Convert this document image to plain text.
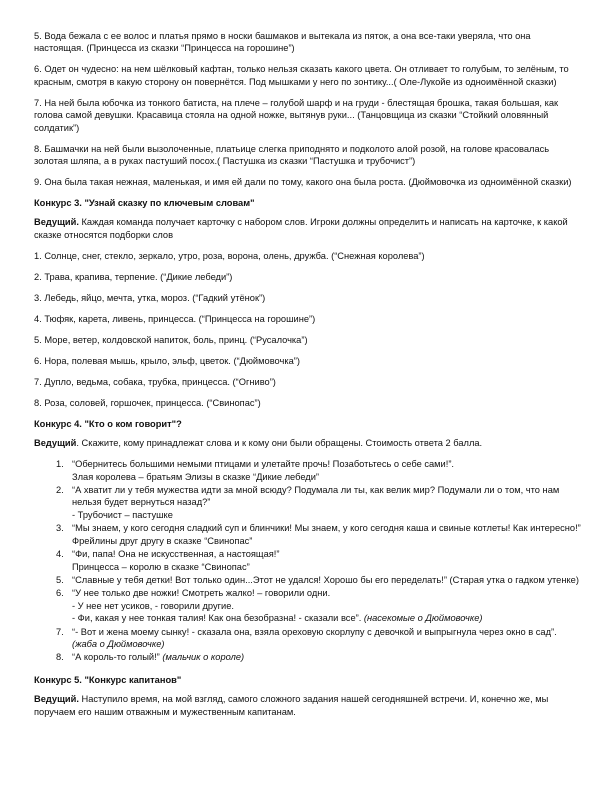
5. Вода бежала с ее волос и платья прямо в носки башмаков и вытекала из пяток, а она все-таки уверяла, что она настоящая. (Принцесса из сказки “Принцесса на горошине”)

6. Одет он чудесно: на нем шёлковый кафтан, только нельзя сказать какого цвета. Он отливает то голубым, то зелёным, то красным, смотря в какую сторону он повернётся. Под мышками у него по зонтику...( Оле-Лукойе из одноимённой сказки)

7. На ней была юбочка из тонкого батиста, на плече – голубой шарф и на груди - блестящая брошка, такая большая, как голова самой девушки. Красавица стояла на одной ножке, вытянув руки... (Танцовщица из сказки “Стойкий оловянный солдатик”)

8. Башмачки на ней были вызолоченные, платьице слегка приподнято и подколото алой розой, на голове красовалась золотая шляпа, а в руках пастуший посох.( Пастушка из сказки “Пастушка и трубочист”)

9. Она была такая нежная, маленькая, и имя ей дали по тому, какого она была роста. (Дюймовочка из одноимённой сказки)

Конкурс 3. "Узнай сказку по ключевым словам"

Ведущий. Каждая команда получает карточку с набором слов. Игроки должны определить и написать на карточке, к какой сказке относятся подборки слов

1. Солнце, снег, стекло, зеркало, утро, роза, ворона, олень, дружба. (“Снежная королева”)

2. Трава, крапива, терпение. (“Дикие лебеди”)

3. Лебедь, яйцо, мечта, утка, мороз. (“Гадкий утёнок”)

4. Тюфяк, карета, ливень, принцесса. (“Принцесса на горошине”)

5. Море, ветер, колдовской напиток, боль, принц. (“Русалочка”)

6. Нора, полевая мышь, крыло, эльф, цветок. (“Дюймовочка”)

7. Дупло, ведьма, собака, трубка, принцесса. (“Огниво”)

8. Роза, соловей, горшочек, принцесса. (“Свинопас”)

Конкурс 4. "Кто о ком говорит"?

Ведущий. Скажите, кому принадлежат слова и к кому они были обращены. Стоимость ответа 2 балла.

1. “Обернитесь большими немыми птицами и улетайте прочь! Позаботьтесь о себе сами!”.
Злая королева – братьям Элизы в сказке “Дикие лебеди”
2. “А хватит ли у тебя мужества идти за мной всюду? Подумала ли ты, как велик мир? Подумали ли о том, что нам нельзя будет вернуться назад?”
- Трубочист – пастушке
3. “Мы знаем, у кого сегодня сладкий суп и блинчики! Мы знаем, у кого сегодня каша и свиные котлеты! Как интересно!”
Фрейлины друг другу в сказке “Свинопас”
4. “Фи, папа! Она не искусственная, а настоящая!”
Принцесса – королю в сказке “Свинопас”
5. “Славные у тебя детки! Вот только один...Этот не удался! Хорошо бы его переделать!” (Старая утка о гадком утенке)
6. “У нее только две ножки! Смотреть жалко! – говорили одни.
- У нее нет усиков, - говорили другие.
- Фи, какая у нее тонкая талия! Как она безобразна! - сказали все”. (насекомые о Дюймовочке)
7. “- Вот и жена моему сынку! - сказала она, взяла ореховую скорлупу с девочкой и выпрыгнула через окно в сад”. (жаба о Дюймовочке)
8. “А король-то голый!” (мальчик о короле)

Конкурс 5. "Конкурс капитанов"

Ведущий. Наступило время, на мой взгляд, самого сложного задания нашей сегодняшней встречи. И, конечно же, мы поручаем его нашим отважным и мужественным капитанам.
